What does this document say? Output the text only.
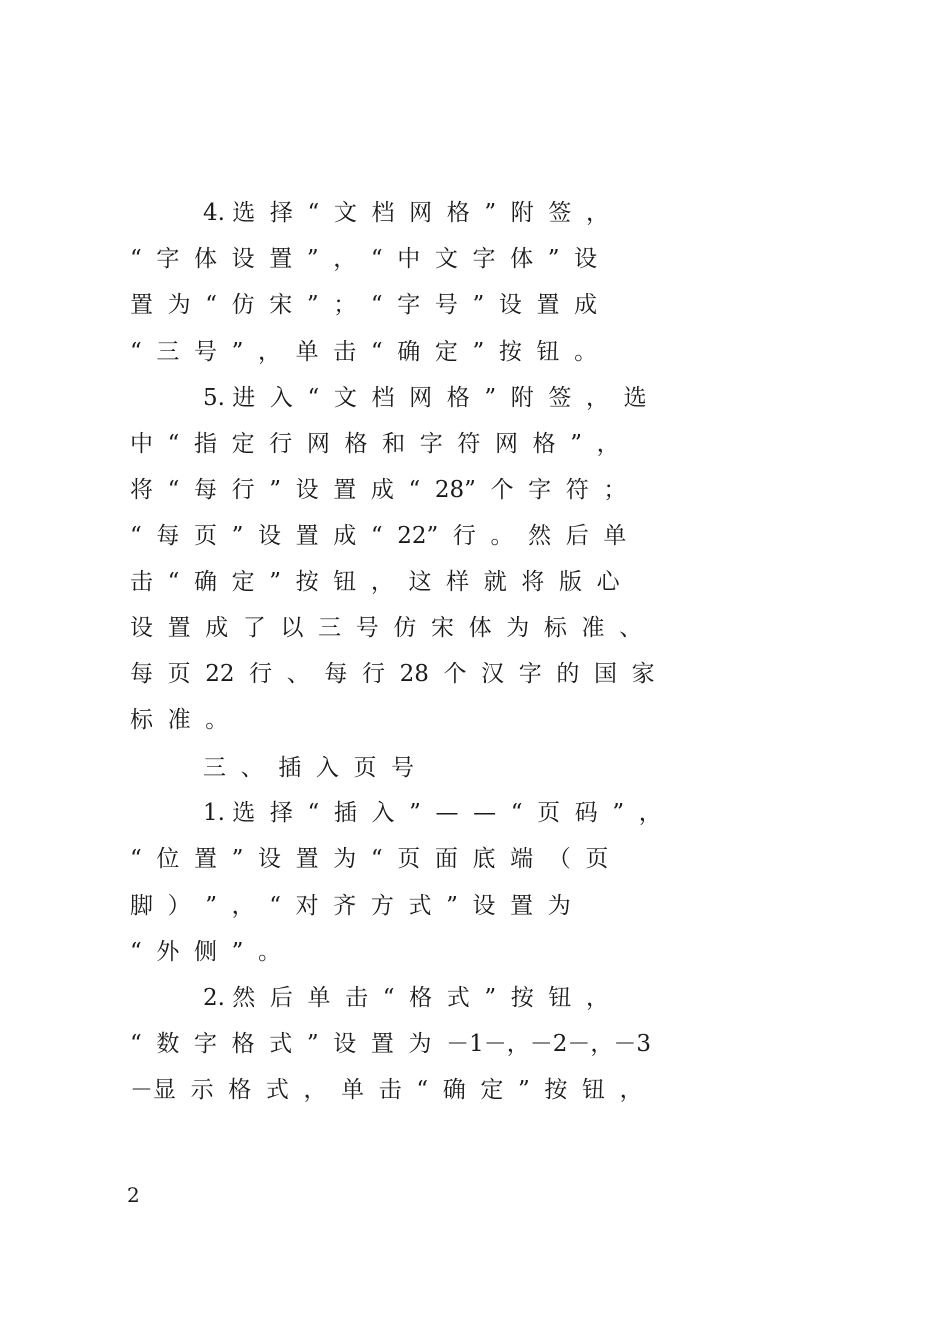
4. 选  择  “  文  档  网  格  ”  附  签  ，
“  字  体  设  置  ”  ，  “  中  文  字  体  ”  设
置  为  “  仿  宋  ”  ；  “  字  号  ”  设  置  成
“  三  号  ”  ，  单  击  “  确  定  ”  按  钮  。
5. 进  入  “  文  档  网  格  ”  附  签  ，  选
中  “  指  定  行  网  格  和  字  符  网  格  ”  ，
将  “  每  行  ”  设  置  成  “  28”  个  字  符  ；
“  每  页  ”  设  置  成  “  22”  行  。  然  后  单
击  “  确  定  ”  按  钮  ，  这  样  就  将  版  心
设  置  成  了  以  三  号  仿  宋  体  为  标  准  、
每  页  22  行  、  每  行  28  个  汉  字  的  国  家
标  准  。
三  、  插  入  页  号
1. 选  择  “  插  入  ”  —  —  “  页  码  ”  ，
“  位  置  ”  设  置  为  “  页  面  底  端  （  页
脚  ）  ”  ，  “  对  齐  方  式  ”  设  置  为
“  外  侧  ”  。
2. 然  后  单  击  “  格  式  ”  按  钮  ，
“  数  字  格  式  ”  设  置  为  －1－，－2－，－3
－显  示  格  式  ，  单  击  “  确  定  ”  按  钮  ，
2
